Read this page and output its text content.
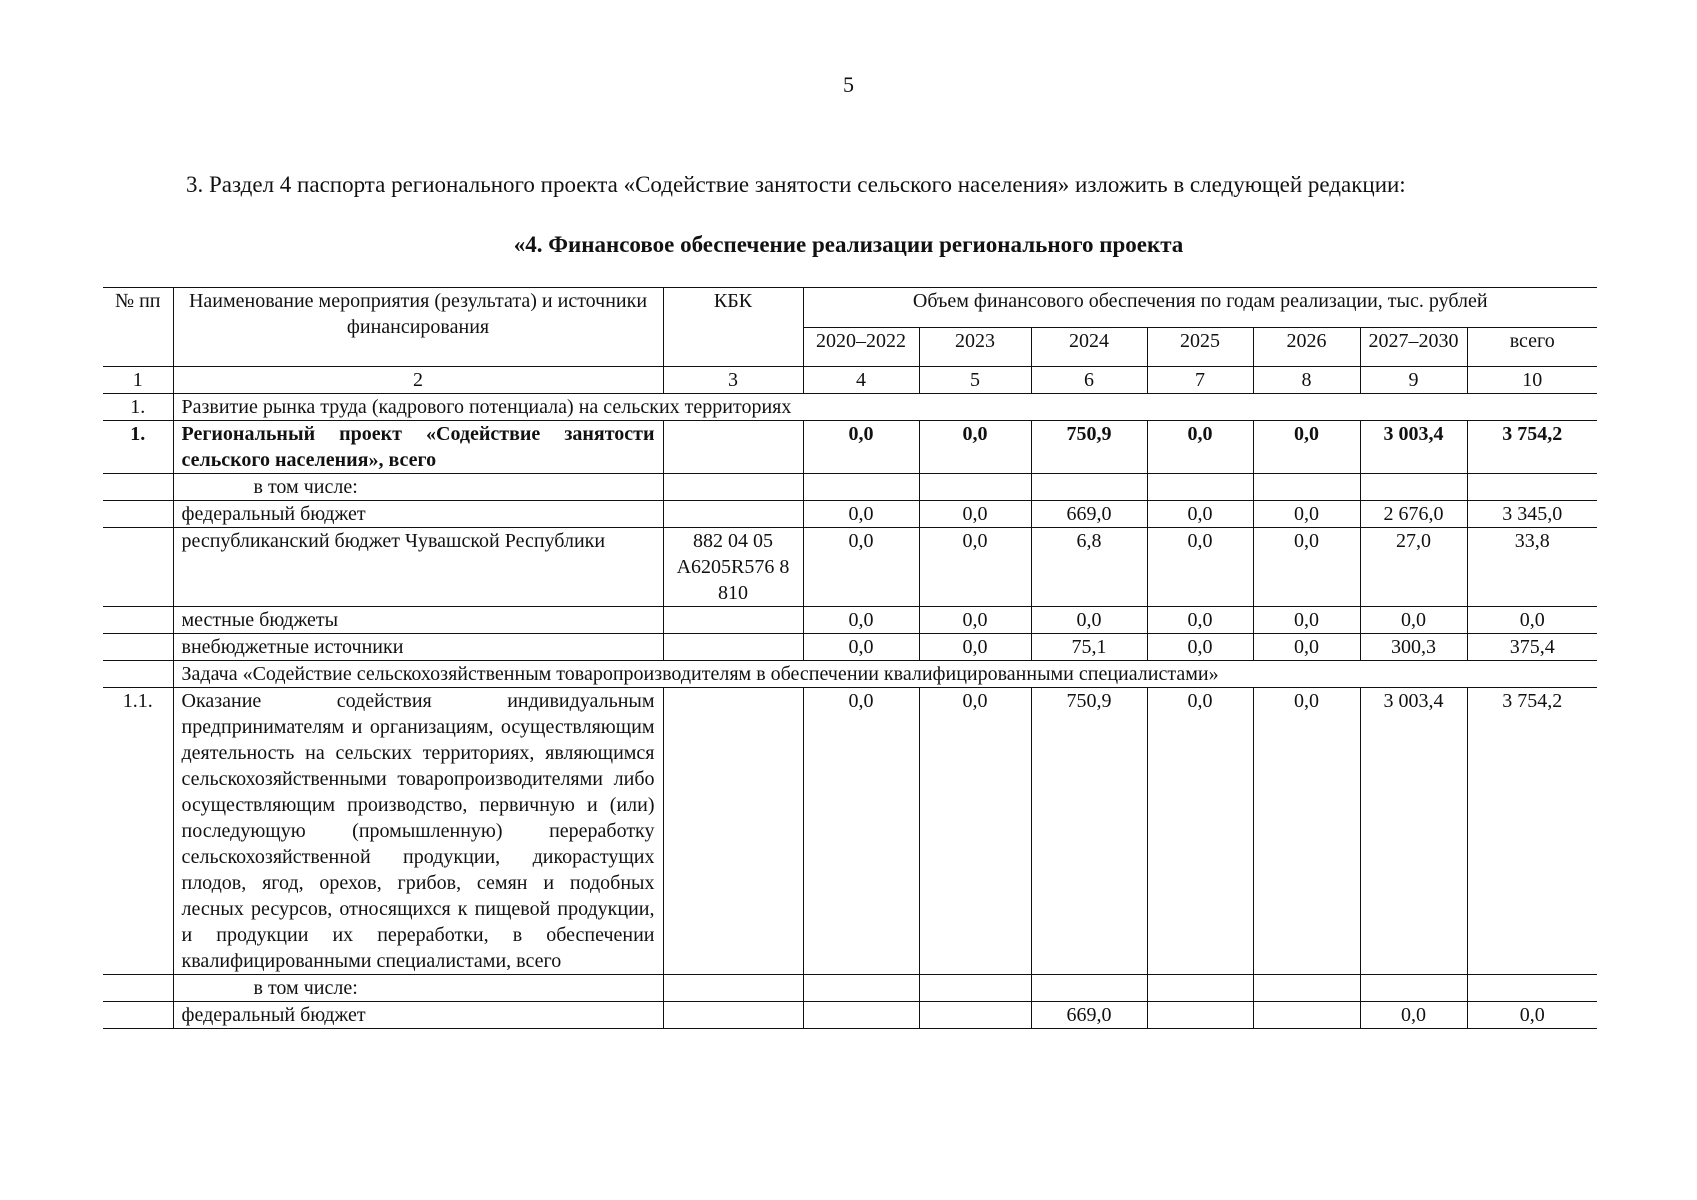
5
3. Раздел 4 паспорта регионального проекта «Содействие занятости сельского населения» изложить в следующей редакции:
«4. Финансовое обеспечение реализации регионального проекта
№ пп	Наименование мероприятия (результата) и источники финансирования	КБК	Объем финансового обеспечения по годам реализации, тыс. рублей						
			2020–2022	2023	2024	2025	2026	2027–2030	всего
1	2	3	4	5	6	7	8	9	10
1.	Развитие рынка труда (кадрового потенциала) на сельских территориях								
1.	Региональный проект «Содействие занятости сельского населения», всего		0,0	0,0	750,9	0,0	0,0	3 003,4	3 754,2
	в том числе:								
	федеральный бюджет		0,0	0,0	669,0	0,0	0,0	2 676,0	3 345,0
	республиканский бюджет Чувашской Республики	882 04 05 А6205R576 8 810	0,0	0,0	6,8	0,0	0,0	27,0	33,8
	местные бюджеты		0,0	0,0	0,0	0,0	0,0	0,0	0,0
	внебюджетные источники		0,0	0,0	75,1	0,0	0,0	300,3	375,4
	Задача «Содействие сельскохозяйственным товаропроизводителям в обеспечении квалифицированными специалистами»								
1.1.	Оказание содействия индивидуальным предпринимателям и организациям, осуществляющим деятельность на сельских территориях, являющимся сельскохозяйственными товаропроизводителями либо осуществляющим производство, первичную и (или) последующую (промышленную) переработку сельскохозяйственной продукции, дикорастущих плодов, ягод, орехов, грибов, семян и подобных лесных ресурсов, относящихся к пищевой продукции, и продукции их переработки, в обеспечении квалифицированными специалистами, всего		0,0	0,0	750,9	0,0	0,0	3 003,4	3 754,2
	в том числе:								
	федеральный бюджет				669,0			0,0	0,0
